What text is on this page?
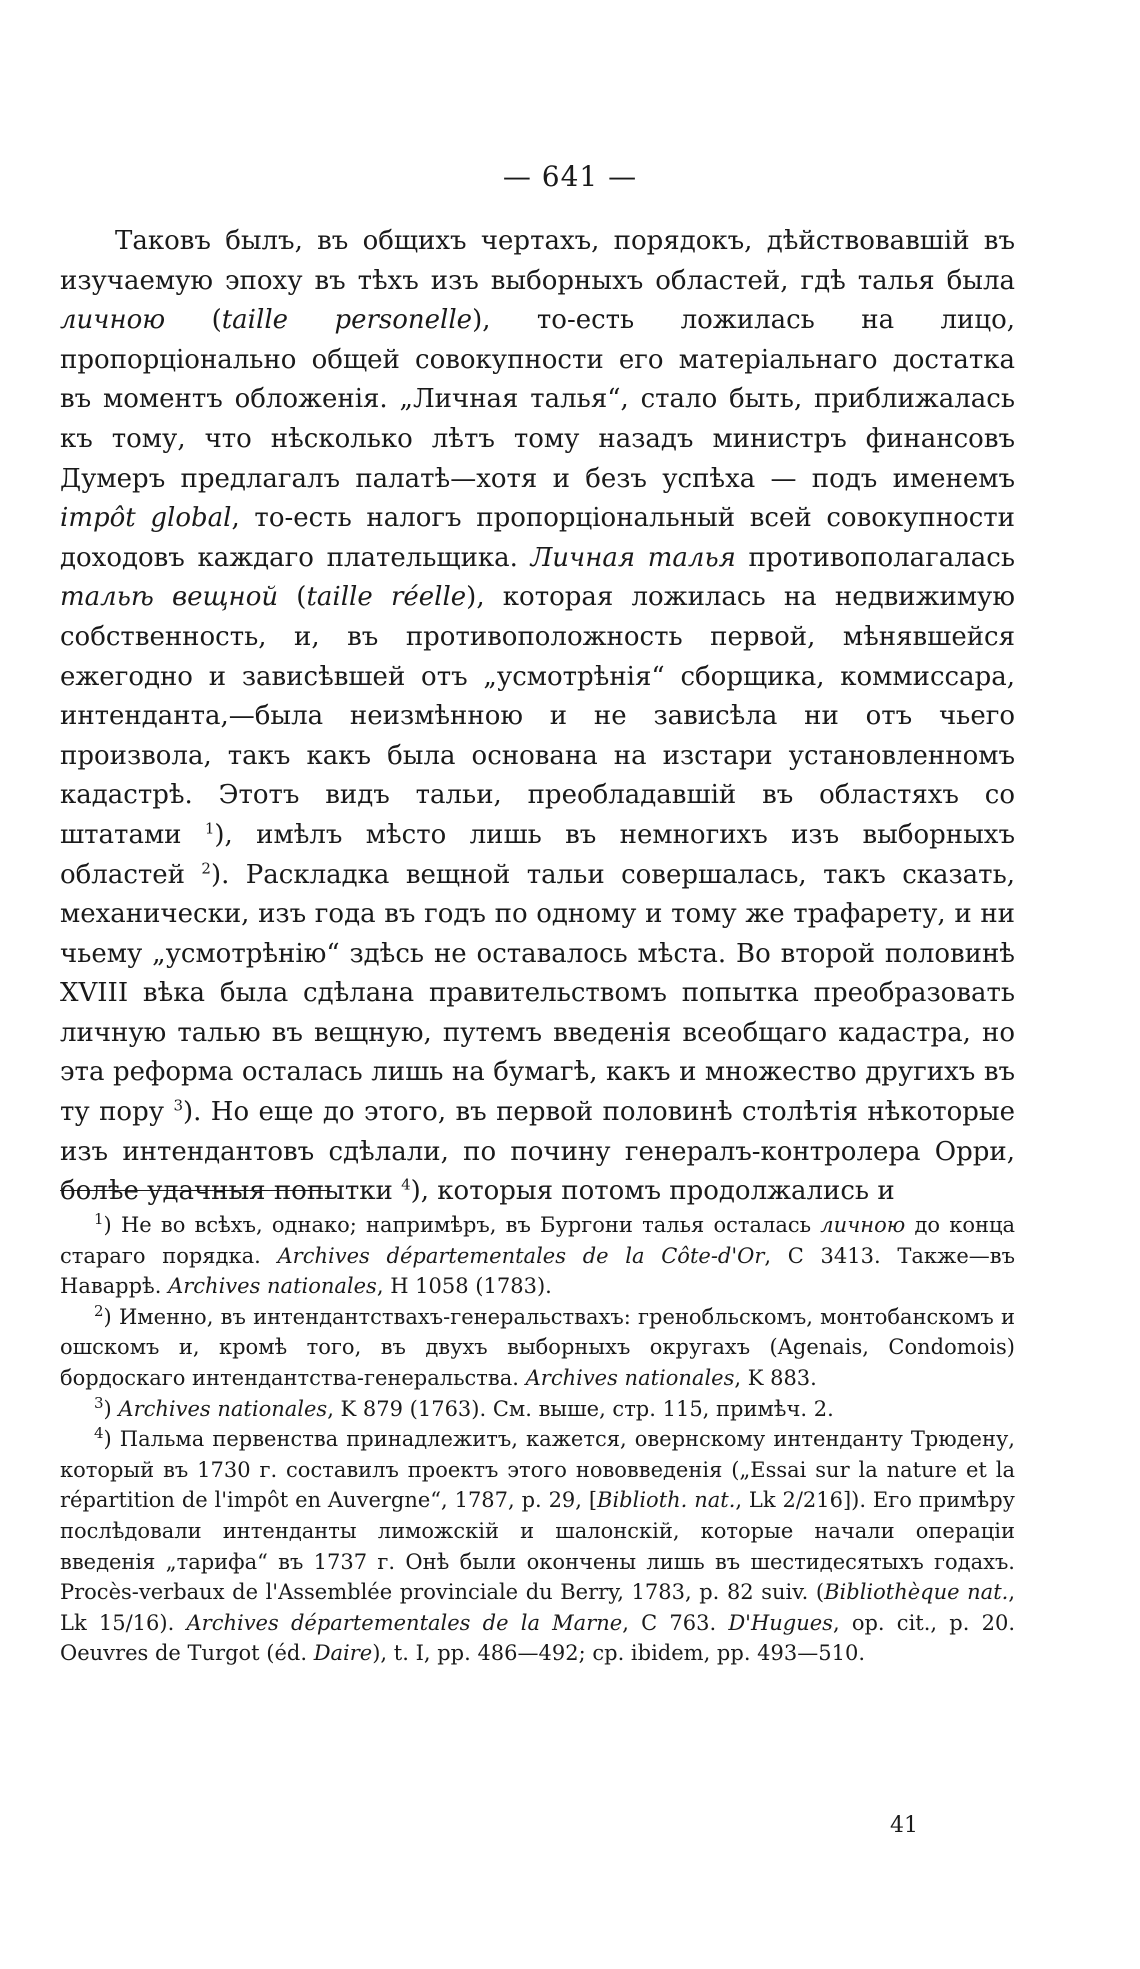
— 641 —

Таковъ былъ, въ общихъ чертахъ, порядокъ, дѣйствовавшій въ изучаемую эпоху въ тѣхъ изъ выборныхъ областей, гдѣ талья была личною (taille personelle), то-есть ложилась на лицо, пропорціонально общей совокупности его матеріальнаго достатка въ моментъ обложенія. „Личная талья“, стало быть, приближалась къ тому, что нѣсколько лѣтъ тому назадъ министръ финансовъ Думеръ предлагалъ палатѣ—хотя и безъ успѣха — подъ именемъ impôt global, то-есть налогъ пропорціональный всей совокупности доходовъ каждаго плательщика. Личная талья противополагалась тальѣ вещной (taille réelle), которая ложилась на недвижимую собственность, и, въ противоположность первой, мѣнявшейся ежегодно и зависѣвшей отъ „усмотрѣнія“ сборщика, коммиссара, интенданта,—была неизмѣнною и не зависѣла ни отъ чьего произвола, такъ какъ была основана на изстари установленномъ кадастрѣ. Этотъ видъ тальи, преобладавшій въ областяхъ со штатами $^1$), имѣлъ мѣсто лишь въ немногихъ изъ выборныхъ областей $^2$). Раскладка вещной тальи совершалась, такъ сказать, механически, изъ года въ годъ по одному и тому же трафарету, и ни чьему „усмотрѣнію“ здѣсь не оставалось мѣста. Во второй половинѣ XVIII вѣка была сдѣлана правительствомъ попытка преобразовать личную талью въ вещную, путемъ введенія всеобщаго кадастра, но эта реформа осталась лишь на бумагѣ, какъ и множество другихъ въ ту пору $^3$). Но еще до этого, въ первой половинѣ столѣтія нѣкоторые изъ интендантовъ сдѣлали, по почину генералъ-контролера Орри, болѣе удачныя попытки $^4$), которыя потомъ продолжались и

$^1$) Не во всѣхъ, однако; напримѣръ, въ Бургони талья осталась личною до конца стараго порядка. Archives départementales de la Côte-d'Or, C 3413. Также—въ Наваррѣ. Archives nationales, H 1058 (1783).

$^2$) Именно, въ интендантствахъ-генеральствахъ: гренобльскомъ, монтобанскомъ и ошскомъ и, кромѣ того, въ двухъ выборныхъ округахъ (Agenais, Condomois) бордоскаго интендантства-генеральства. Archives nationales, K 883.

$^3$) Archives nationales, K 879 (1763). См. выше, стр. 115, примѣч. 2.

$^4$) Пальма первенства принадлежитъ, кажется, овернскому интенданту Трюдену, который въ 1730 г. составилъ проектъ этого нововведенія („Essai sur la nature et la répartition de l'impôt en Auvergne“, 1787, p. 29, [Biblioth. nat., Lk 2/216]). Его примѣру послѣдовали интенданты лиможскій и шалонскій, которые начали операціи введенія „тарифа“ въ 1737 г. Онѣ были окончены лишь въ шестидесятыхъ годахъ. Procès-verbaux de l'Assemblée provinciale du Berry, 1783, p. 82 suiv. (Bibliothèque nat., Lk 15/16). Archives départementales de la Marne, C 763. D'Hugues, op. cit., p. 20. Oeuvres de Turgot (éd. Daire), t. I, pp. 486—492; ср. ibidem, pp. 493—510.

41
